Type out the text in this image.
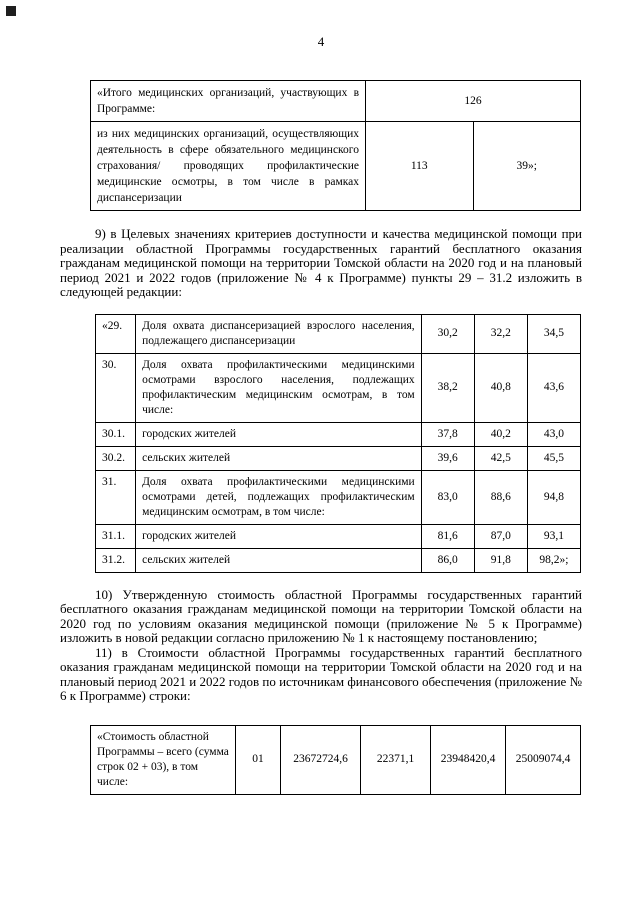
4

«Итого медицинских организаций, участвующих в Программе:	126	
из них медицинских организаций, осуществляющих деятельность в сфере обязательного медицинского страхования/ проводящих профилактические медицинские осмотры, в том числе в рамках диспансеризации	113	39»;

9) в Целевых значениях критериев доступности и качества медицинской помощи при реализации областной Программы государственных гарантий бесплатного оказания гражданам медицинской помощи на территории Томской области на 2020 год и на плановый период 2021 и 2022 годов (приложение № 4 к Программе) пункты 29 – 31.2 изложить в следующей редакции:

«29.	Доля охвата диспансеризацией взрослого населения, подлежащего диспансеризации	30,2	32,2	34,5
30.	Доля охвата профилактическими медицинскими осмотрами взрослого населения, подлежащих профилактическим медицинским осмотрам, в том числе:	38,2	40,8	43,6
30.1.	городских жителей	37,8	40,2	43,0
30.2.	сельских жителей	39,6	42,5	45,5
31.	Доля охвата профилактическими медицинскими осмотрами детей, подлежащих профилактическим медицинским осмотрам, в том числе:	83,0	88,6	94,8
31.1.	городских жителей	81,6	87,0	93,1
31.2.	сельских жителей	86,0	91,8	98,2»;

10) Утвержденную стоимость областной Программы государственных гарантий бесплатного оказания гражданам медицинской помощи на территории Томской области на 2020 год по условиям оказания медицинской помощи (приложение № 5 к Программе) изложить в новой редакции согласно приложению № 1 к настоящему постановлению;

11) в Стоимости областной Программы государственных гарантий бесплатного оказания гражданам медицинской помощи на территории Томской области на 2020 год и на плановый период 2021 и 2022 годов по источникам финансового обеспечения (приложение № 6 к Программе) строки:

«Стоимость областной Программы – всего (сумма строк 02 + 03), в том числе:	01	23672724,6	22371,1	23948420,4	25009074,4
